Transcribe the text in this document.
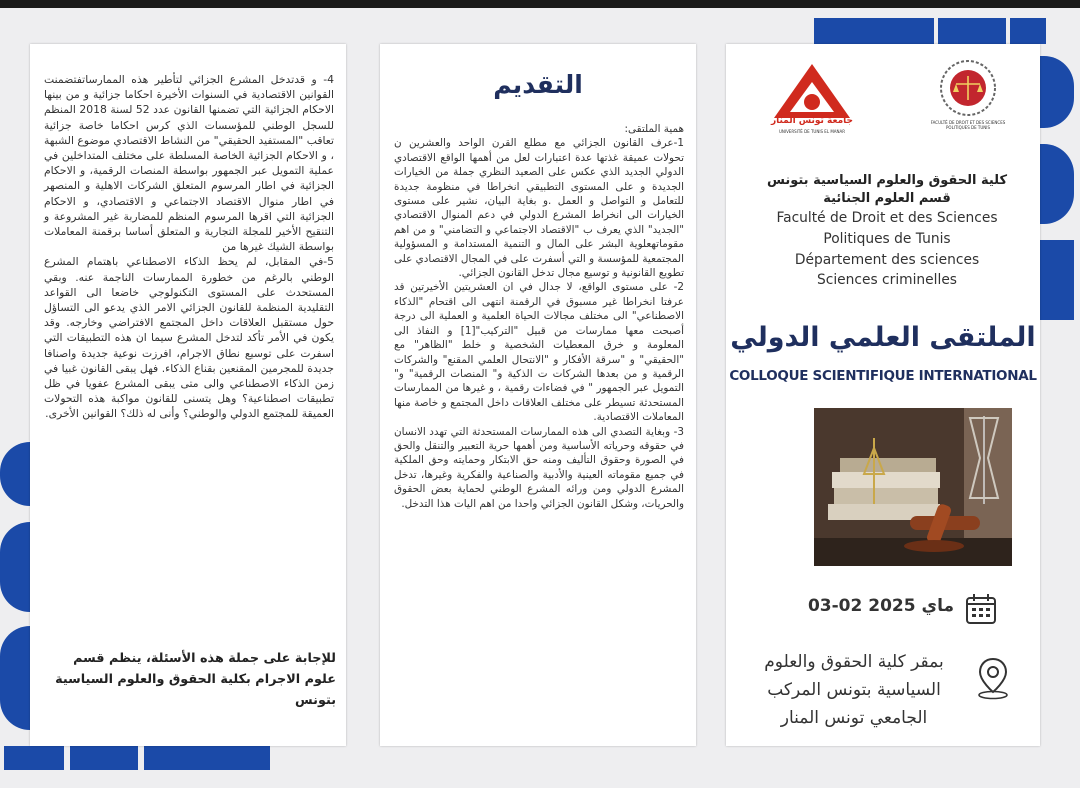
4- و قدتدخل المشرع الجزائي لتأطير هذه الممارساتفتضمنت القوانين الاقتصادية في السنوات الأخيرة احكاما جزائية و من بينها الاحكام الجزائية التي تضمنها القانون عدد 52 لسنة 2018 المنظم للسجل الوطني للمؤسسات الذي كرس احكاما خاصة جزائية تعاقب "المستفيد الحقيقي" من النشاط الاقتصادي موضوع الشبهة ، و الاحكام الجزائية الخاصة المسلطة على مختلف المتداخلين في عملية التمويل عبر الجمهور بواسطة المنصات الرقمية، و الاحكام الجزائية في اطار المرسوم المتعلق الشركات الاهلية و المنصهر في اطار منوال الاقتصاد الاجتماعي و الاقتصادي، و الاحكام الجزائية التي اقرها المرسوم المنظم للمضاربة غير المشروعة و التنقيح الأخير للمجلة التجارية و المتعلق أساسا برقمنة المعاملات بواسطة الشيك غيرها من

5-في المقابل، لم يحظ الذكاء الاصطناعي باهتمام المشرع الوطني بالرغم من خطورة الممارسات الناجمة عنه. وبقي المستحدث على المستوى التكنولوجي خاضعا الى القواعد التقليدية المنظمة للقانون الجزائي الامر الذي يدعو الى التساؤل حول مستقبل العلاقات داخل المجتمع الافتراضي وخارجه. وقد يكون في الأمر تأكد لتدخل المشرع سيما ان هذه التطبيقات التي اسفرت على توسيع نطاق الاجرام، افرزت نوعية جديدة واصنافا جديدة للمجرمين المقنعين بقناع الذكاء. فهل يبقى القانون غبيا في زمن الذكاء الاصطناعي والى متى يبقى المشرع عفويا في ظل تطبيقات اصطناعية؟ وهل يتسنى للقانون مواكبة هذه التحولات العميقة للمجتمع الدولي والوطني؟ وأنى له ذلك؟ القوانين الأخرى.

للإجابة على جملة هذه الأسئلة، ينظم قسم علوم الاجرام بكلية الحقوق والعلوم السياسية بتونس
التقديم

همية الملتقى:

1-عرف القانون الجزائي مع مطلع القرن الواحد والعشرين ن تحولات عميقة غذتها عدة اعتبارات لعل من أهمها الواقع الاقتصادي الدولي الجديد الذي عكس على الصعيد النظري جملة من الخيارات الجديدة و على المستوى التطبيقي انخراطا في منظومة جديدة للتعامل و التواصل و العمل .و بغاية البيان، نشير على مستوى الخيارات الى انخراط المشرع الدولي في دعم المنوال الاقتصادي "الجديد" الذي يعرف ب "الاقتصاد الاجتماعي و التضامني" و من اهم مقوماتهعلوية البشر على المال و التنمية المستدامة و المسؤولية المجتمعية للمؤسسة و التي أسفرت على في المجال الاقتصادي على تطويع القانونية و توسيع مجال تدخل القانون الجزائي.

2- على مستوى الواقع، لا جدال في ان العشريتين الأخيرتين قد عرفتا انخراطا غير مسبوق في الرقمنة انتهى الى اقتحام "الذكاء الاصطناعي" الى مختلف مجالات الحياة العلمية و العملية الى درجة أصبحت معها ممارسات من قبيل "التركيب"[1] و النفاذ الى المعلومة و خرق المعطيات الشخصية و خلط "الظاهر" مع "الحقيقي" و "سرقة الأفكار و "الانتحال العلمي المقنع" والشركات الرقمية و من بعدها الشركات ت الذكية و" المنصات الرقمية" و" التمويل عبر الجمهور " في فضاءات رقمية ، و غيرها من الممارسات المستحدثة تسيطر على مختلف العلاقات داخل المجتمع و خاصة منها المعاملات الاقتصادية.

3- وبغاية التصدي الى هذه الممارسات المستحدثة التي تهدد الانسان في حقوقه وحرياته الأساسية ومن أهمها حرية التعبير والتنقل والحق في الصورة وحقوق التأليف ومنه حق الابتكار وحمايته وحق الملكية في جميع مقوماته العينية والأدبية والصناعية والفكرية وغيرها، تدخل المشرع الدولي ومن ورائه المشرع الوطني لحماية بعض الحقوق والحريات، وشكل القانون الجزائي واحدا من اهم اليات هذا التدخل.

جامعة تونس المنار
UNIVERSITÉ DE TUNIS EL MANAR
FACULTÉ DE DROIT ET DES SCIENCES POLITIQUES DE TUNIS
كلية الحقوق والعلوم السياسية بتونس
قسم العلوم الجنائية
Faculté de Droit et des Sciences
Politiques de Tunis
Département des sciences
Sciences criminelles
الملتقى العلمي الدولي
COLLOQUE SCIENTIFIQUE INTERNATIONAL
03-02 ماي 2025
بمقر كلية الحقوق والعلوم
السياسية بتونس المركب
الجامعي تونس المنار
